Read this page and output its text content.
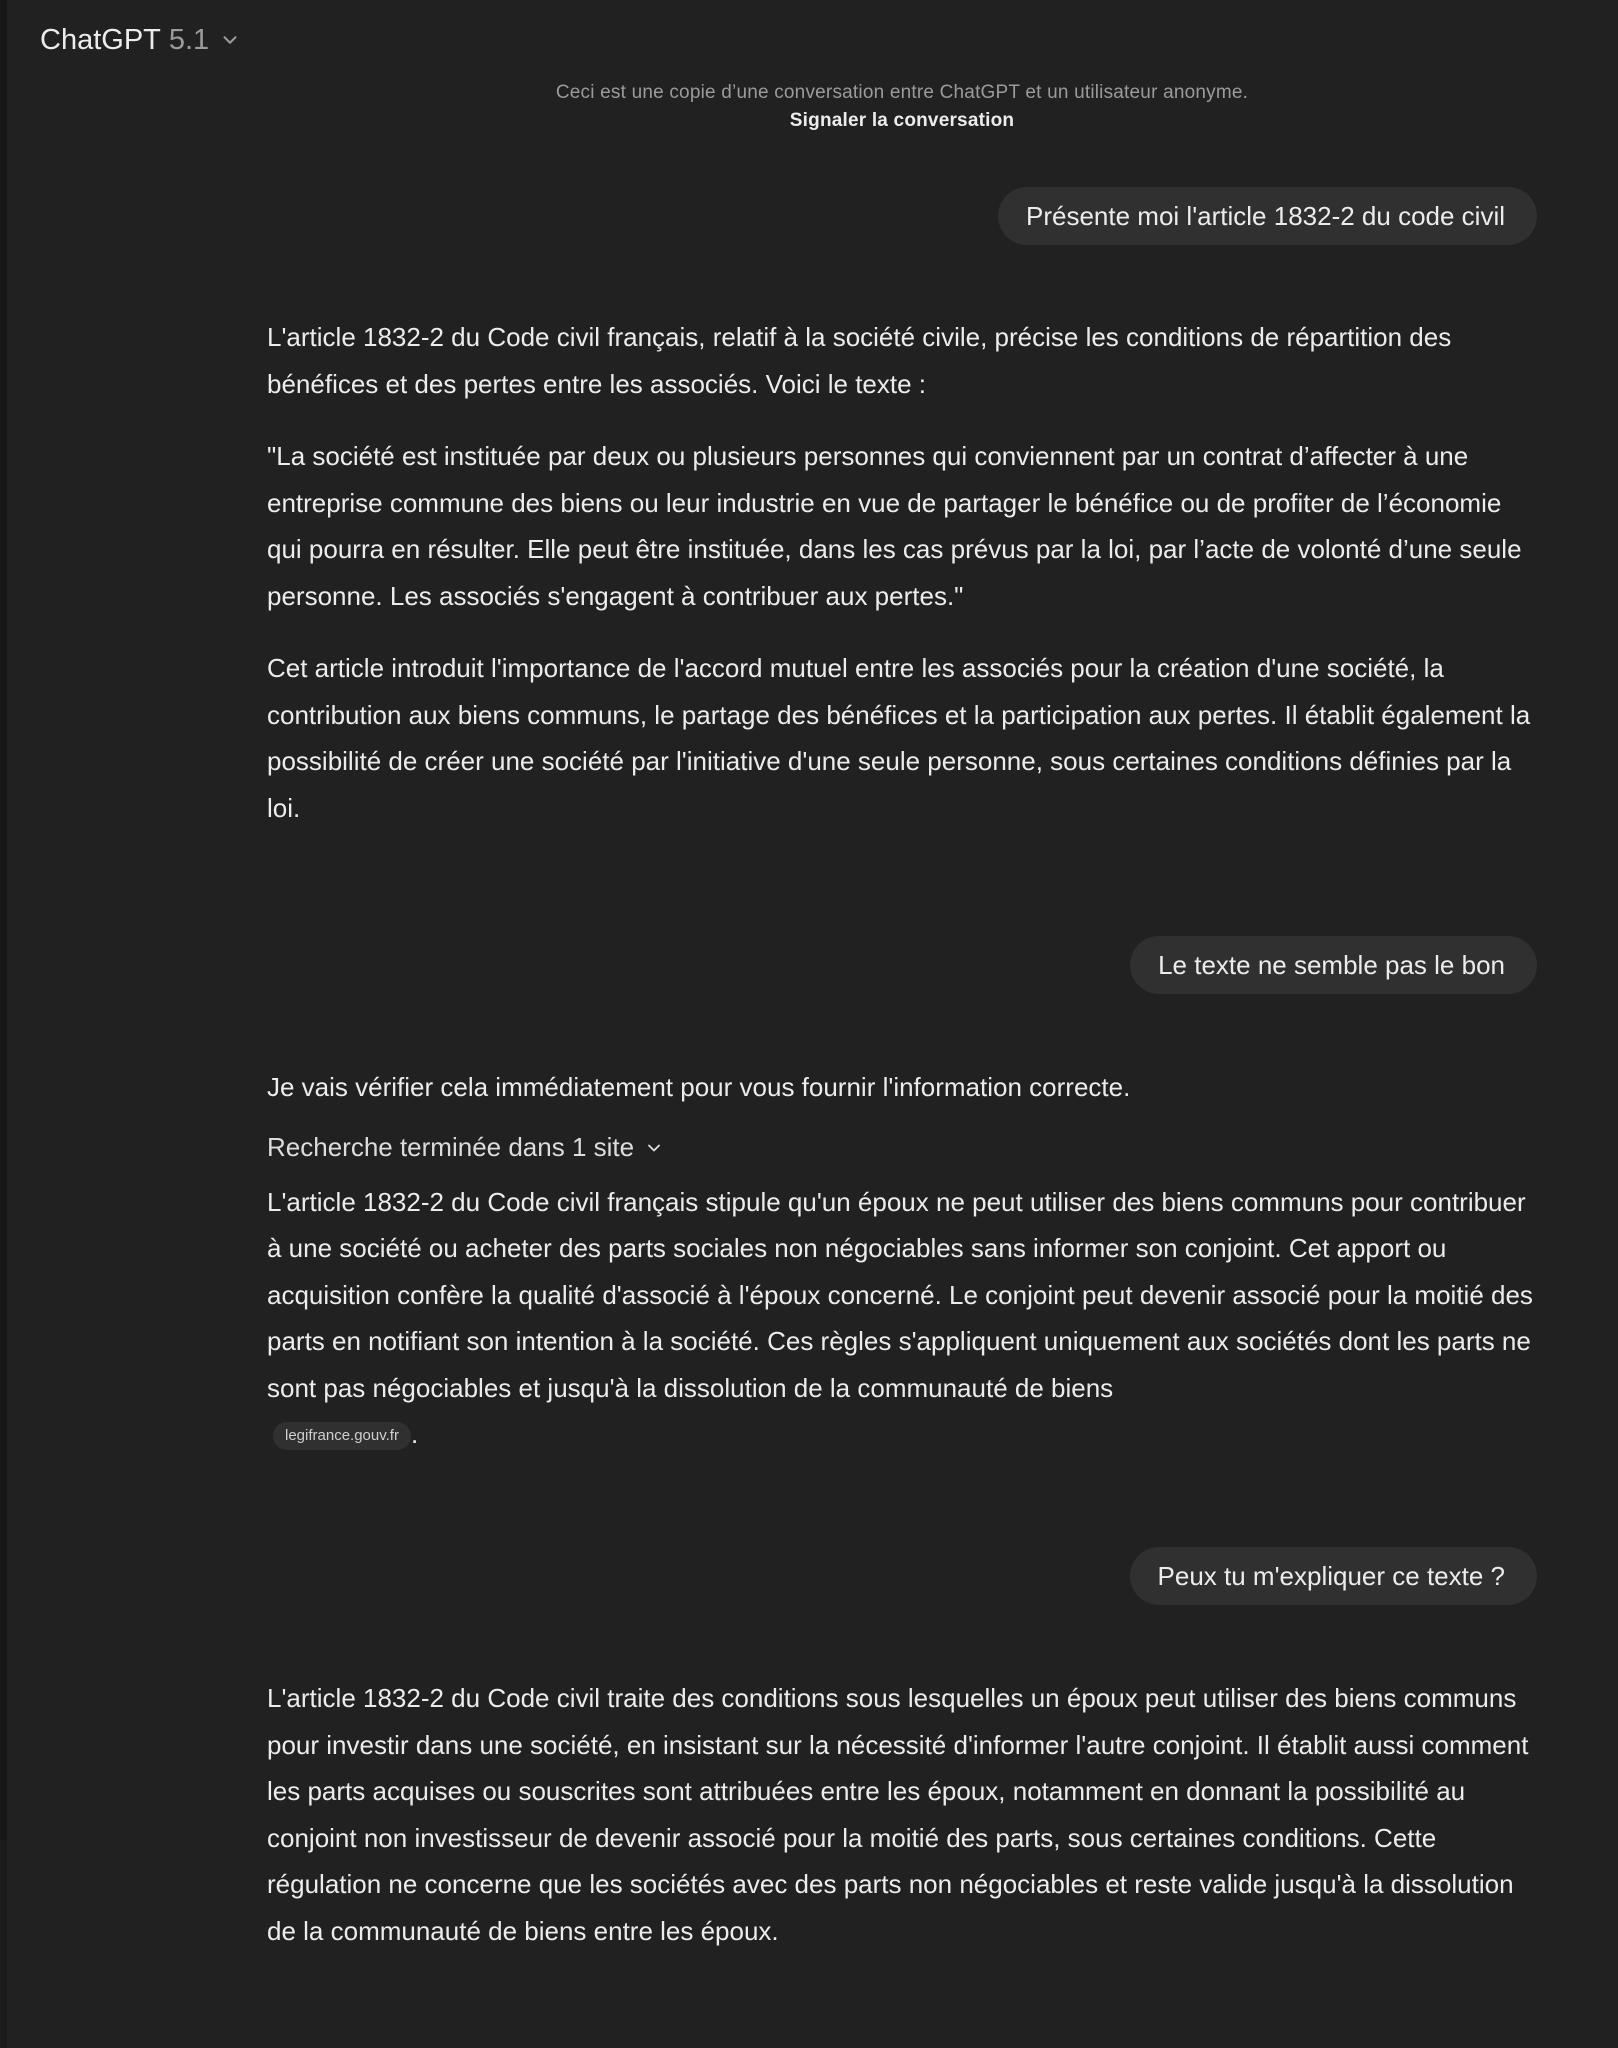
ChatGPT 5.1
Ceci est une copie d’une conversation entre ChatGPT et un utilisateur anonyme.
Signaler la conversation
Présente moi l'article 1832-2 du code civil

L'article 1832-2 du Code civil français, relatif à la société civile, précise les conditions de répartition des bénéfices et des pertes entre les associés. Voici le texte :

"La société est instituée par deux ou plusieurs personnes qui conviennent par un contrat d’affecter à une entreprise commune des biens ou leur industrie en vue de partager le bénéfice ou de profiter de l’économie qui pourra en résulter. Elle peut être instituée, dans les cas prévus par la loi, par l’acte de volonté d’une seule personne. Les associés s'engagent à contribuer aux pertes."

Cet article introduit l'importance de l'accord mutuel entre les associés pour la création d'une société, la contribution aux biens communs, le partage des bénéfices et la participation aux pertes. Il établit également la possibilité de créer une société par l'initiative d'une seule personne, sous certaines conditions définies par la loi.

Le texte ne semble pas le bon

Je vais vérifier cela immédiatement pour vous fournir l'information correcte.

Recherche terminée dans 1 site

L'article 1832-2 du Code civil français stipule qu'un époux ne peut utiliser des biens communs pour contribuer à une société ou acheter des parts sociales non négociables sans informer son conjoint. Cet apport ou acquisition confère la qualité d'associé à l'époux concerné. Le conjoint peut devenir associé pour la moitié des parts en notifiant son intention à la société. Ces règles s'appliquent uniquement aux sociétés dont les parts ne sont pas négociables et jusqu'à la dissolution de la communauté de biens
legifrance.gouv.fr .

Peux tu m'expliquer ce texte ?

L'article 1832-2 du Code civil traite des conditions sous lesquelles un époux peut utiliser des biens communs pour investir dans une société, en insistant sur la nécessité d'informer l'autre conjoint. Il établit aussi comment les parts acquises ou souscrites sont attribuées entre les époux, notamment en donnant la possibilité au conjoint non investisseur de devenir associé pour la moitié des parts, sous certaines conditions. Cette régulation ne concerne que les sociétés avec des parts non négociables et reste valide jusqu'à la dissolution de la communauté de biens entre les époux.
